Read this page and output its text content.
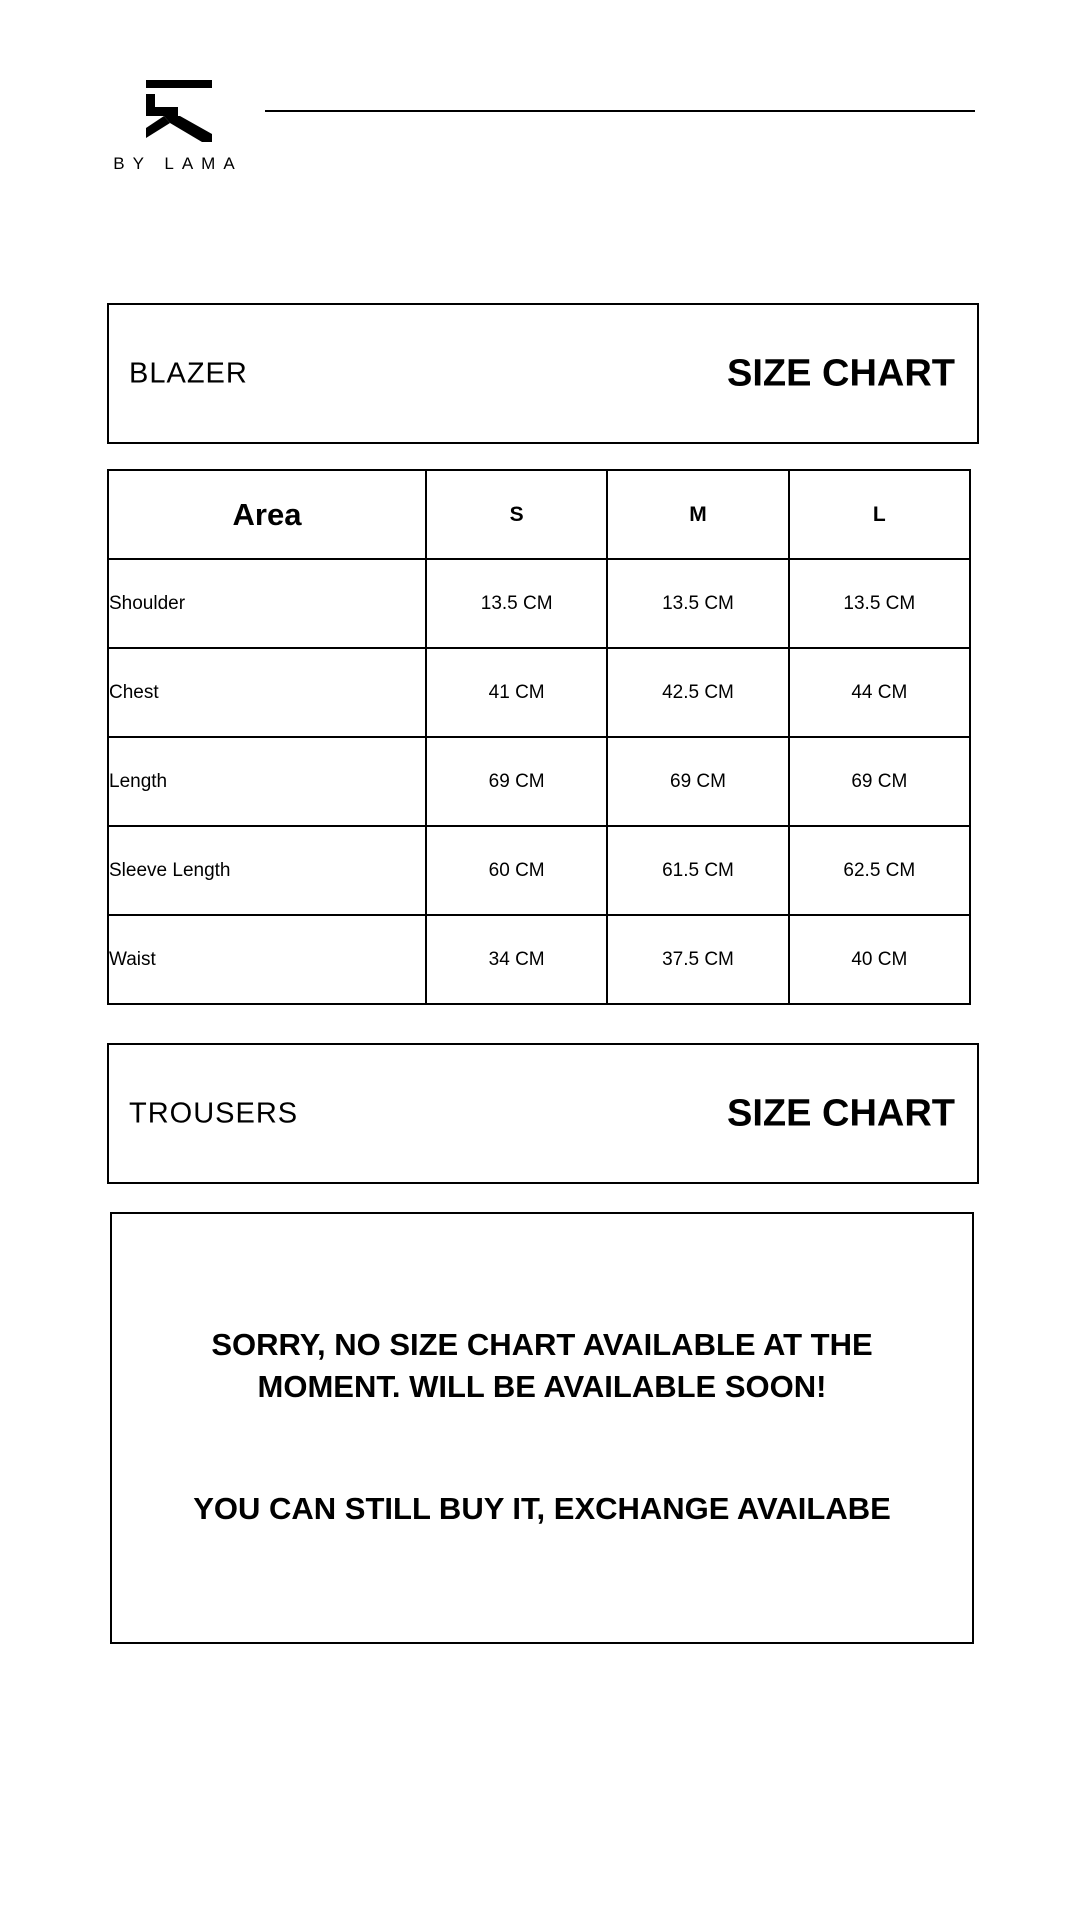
BY LAMA
BLAZER	SIZE CHART
Area	S	M	L
Shoulder	13.5 CM	13.5 CM	13.5 CM
Chest	41 CM	42.5 CM	44 CM
Length	69 CM	69 CM	69 CM
Sleeve Length	60 CM	61.5 CM	62.5 CM
Waist	34 CM	37.5 CM	40 CM
TROUSERS	SIZE CHART
SORRY, NO SIZE CHART AVAILABLE AT THE MOMENT. WILL BE AVAILABLE SOON!
YOU CAN STILL BUY IT, EXCHANGE AVAILABE
